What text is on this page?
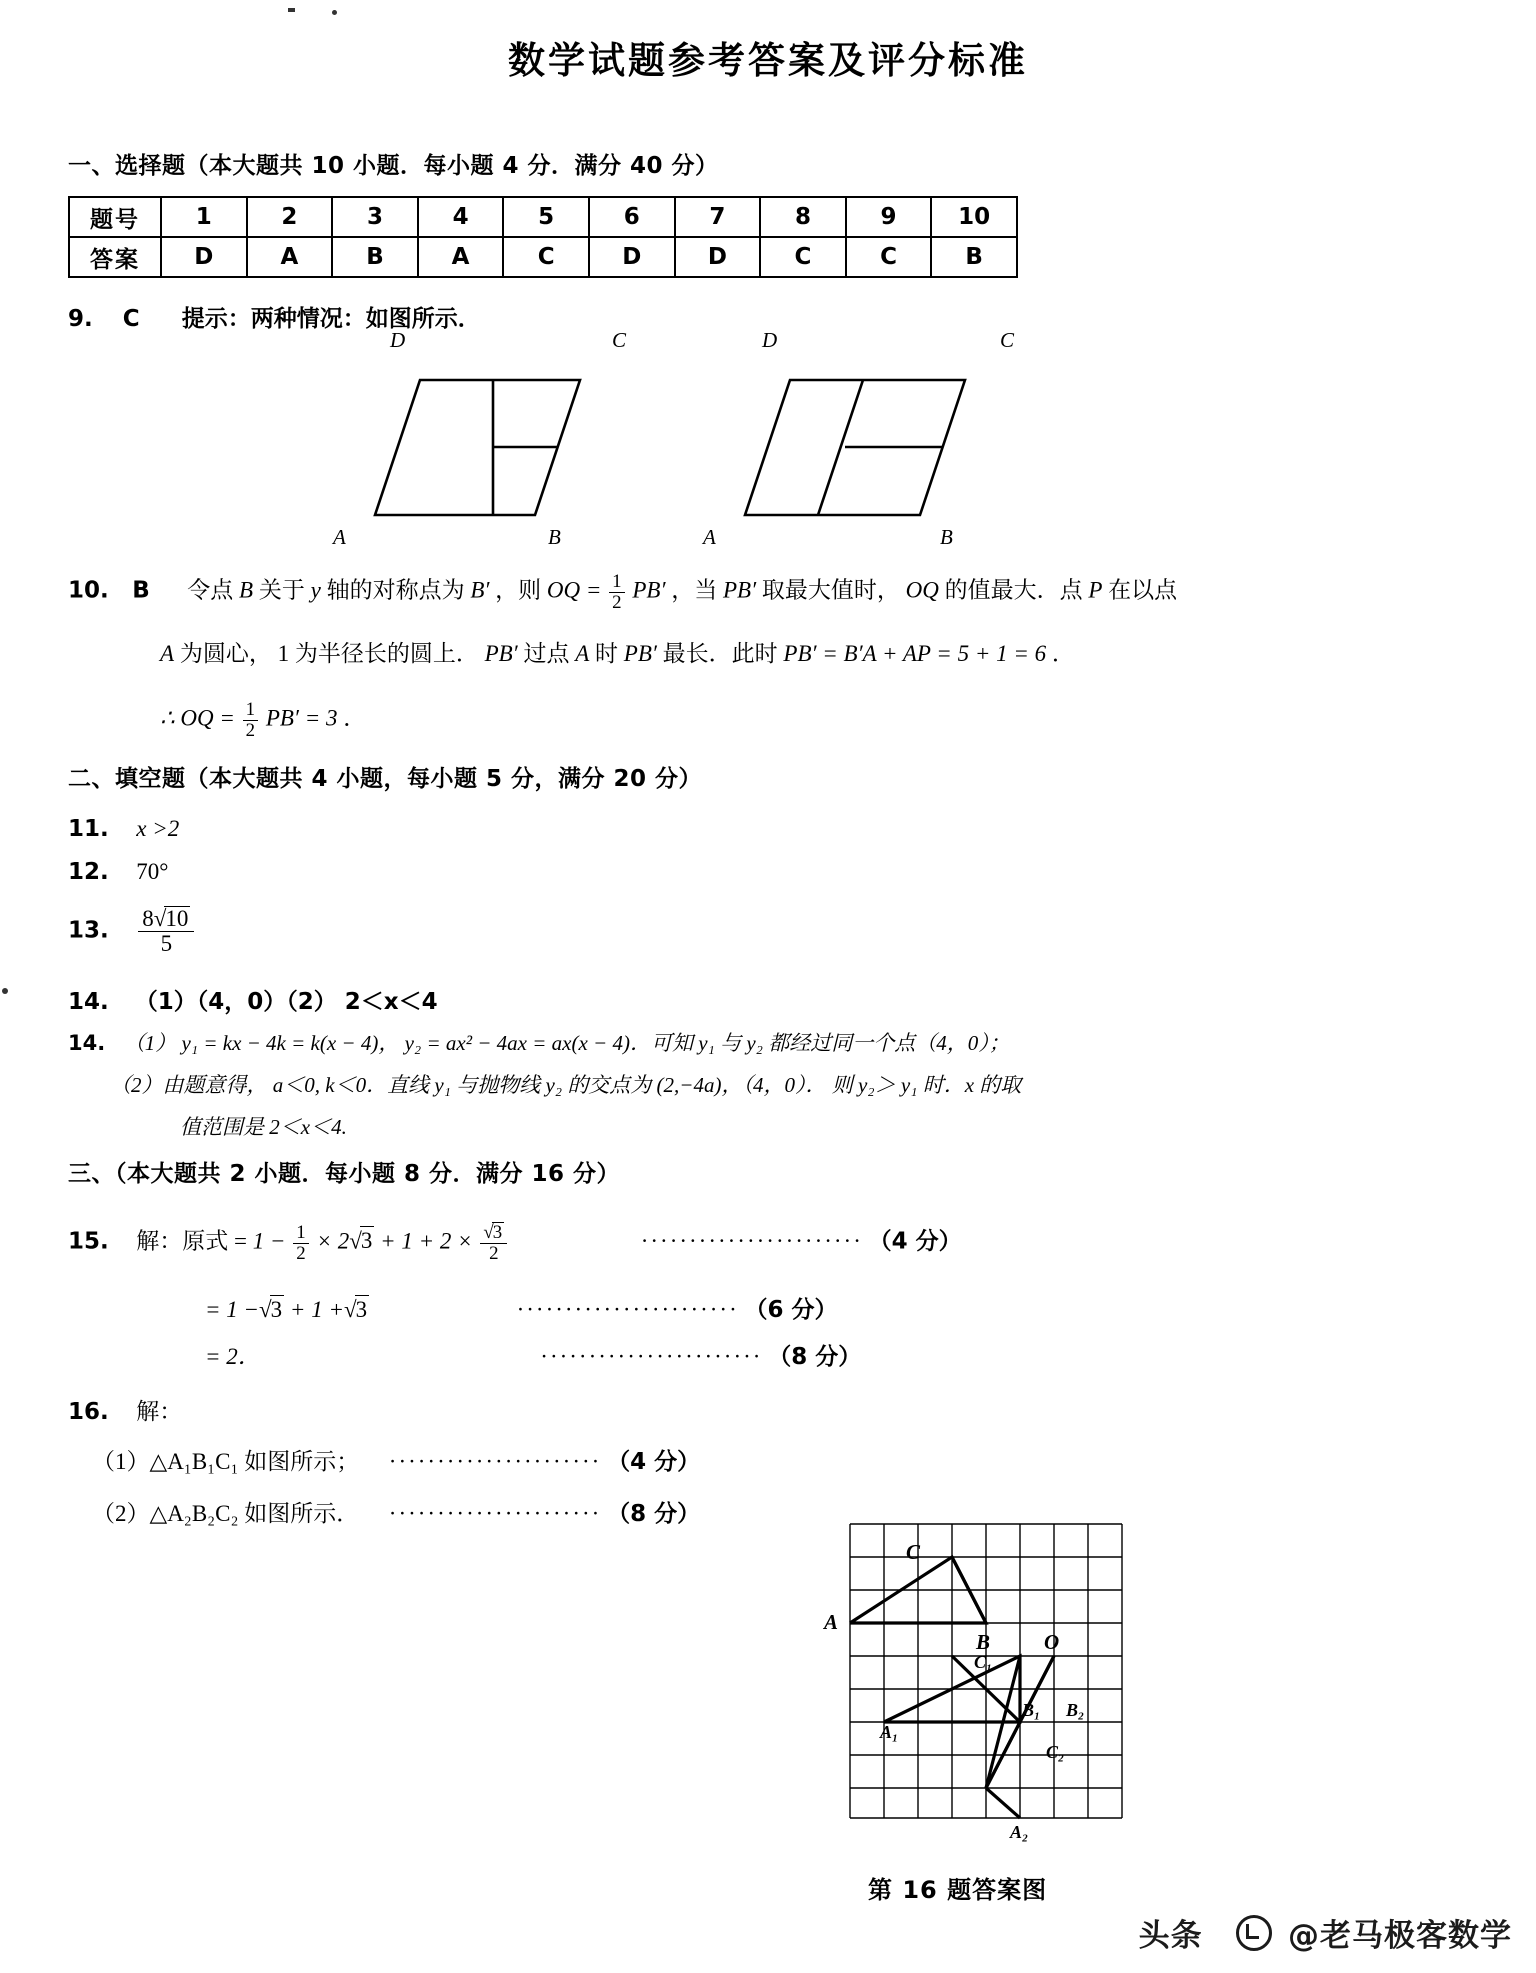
数学试题参考答案及评分标准
一、选择题（本大题共 10 小题．每小题 4 分．满分 40 分）
题号	1	2	3	4	5	6	7	8	9	10
答案	D	A	B	A	C	D	D	C	C	B
9. C 提示：两种情况：如图所示．
D	C
A	B
D	C
A	B
10. B 令点 B 关于 y 轴的对称点为 B′ ，则 OQ = $\frac{1}{2} PB'$ ，当 PB′ 取最大值时， OQ 的值最大．点 P 在以点
A 为圆心， 1 为半径长的圆上． PB′ 过点 A 时 PB′ 最长．此时 PB′ = B′A + AP = 5 + 1 = 6 ．
∴ OQ = $\frac{1}{2} PB' = 3$ ．
二、填空题（本大题共 4 小题，每小题 5 分，满分 20 分）
11. x >2
12. 70°
13. $\frac{8√10}{5}$
14. （1）（4，0）（2） 2＜x＜4
14. （1） y₁ = kx − 4k = k(x − 4)， y₂ = ax² − 4ax = ax(x − 4)．可知 y₁ 与 y₂ 都经过同一个点（4，0）；
（2）由题意得， a＜0, k＜0．直线 y₁ 与抛物线 y₂ 的交点为 (2,−4a)，（4，0）． 则 y₂＞ y₁ 时．x 的取
值范围是 2＜x＜4.
三、（本大题共 2 小题．每小题 8 分．满分 16 分）
15. 解：原式 = $1 - \frac{1}{2} \times 2√3 + 1 + 2 \times \frac{√3}{2}$	······················· （4 分）
= 1 −√3 + 1 +√3	······················· （6 分）
= 2．	······················· （8 分）
16. 解：
（1）△A₁B₁C₁ 如图所示； ······················ （4 分）
（2）△A₂B₂C₂ 如图所示． ······················ （8 分）
C
A
B
C₁
O
B₁ B₂
A₁
C₂
A₂
第 16 题答案图
头条	@老马极客数学
